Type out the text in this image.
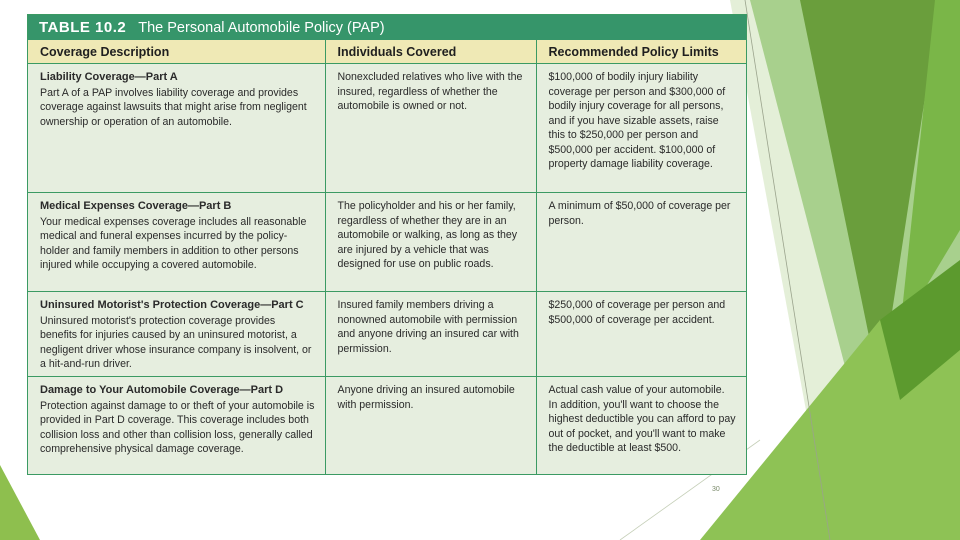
TABLE 10.2 The Personal Automobile Policy (PAP)
Coverage Description	Individuals Covered	Recommended Policy Limits

Liability Coverage—Part A
Part A of a PAP involves liability coverage and provides coverage against lawsuits that might arise from negligent ownership or operation of an automobile.	Nonexcluded relatives who live with the insured, regardless of whether the automobile is owned or not.	$100,000 of bodily injury liability coverage per person and $300,000 of bodily injury coverage for all persons, and if you have sizable assets, raise this to $250,000 per person and $500,000 per accident. $100,000 of property damage liability coverage.

Medical Expenses Coverage—Part B
Your medical expenses coverage includes all reasonable medical and funeral expenses incurred by the policy-holder and family members in addition to other persons injured while occupying a covered automobile.	The policyholder and his or her family, regardless of whether they are in an automobile or walking, as long as they are injured by a vehicle that was designed for use on public roads.	A minimum of $50,000 of coverage per person.

Uninsured Motorist's Protection Coverage—Part C
Uninsured motorist's protection coverage provides benefits for injuries caused by an uninsured motorist, a negligent driver whose insurance company is insolvent, or a hit-and-run driver.	Insured family members driving a nonowned automobile with permission and anyone driving an insured car with permission.	$250,000 of coverage per person and $500,000 of coverage per accident.

Damage to Your Automobile Coverage—Part D
Protection against damage to or theft of your automobile is provided in Part D coverage. This coverage includes both collision loss and other than collision loss, generally called comprehensive physical damage coverage.	Anyone driving an insured automobile with permission.	Actual cash value of your automobile. In addition, you'll want to choose the highest deductible you can afford to pay out of pocket, and you'll want to make the deductible at least $500.
30
